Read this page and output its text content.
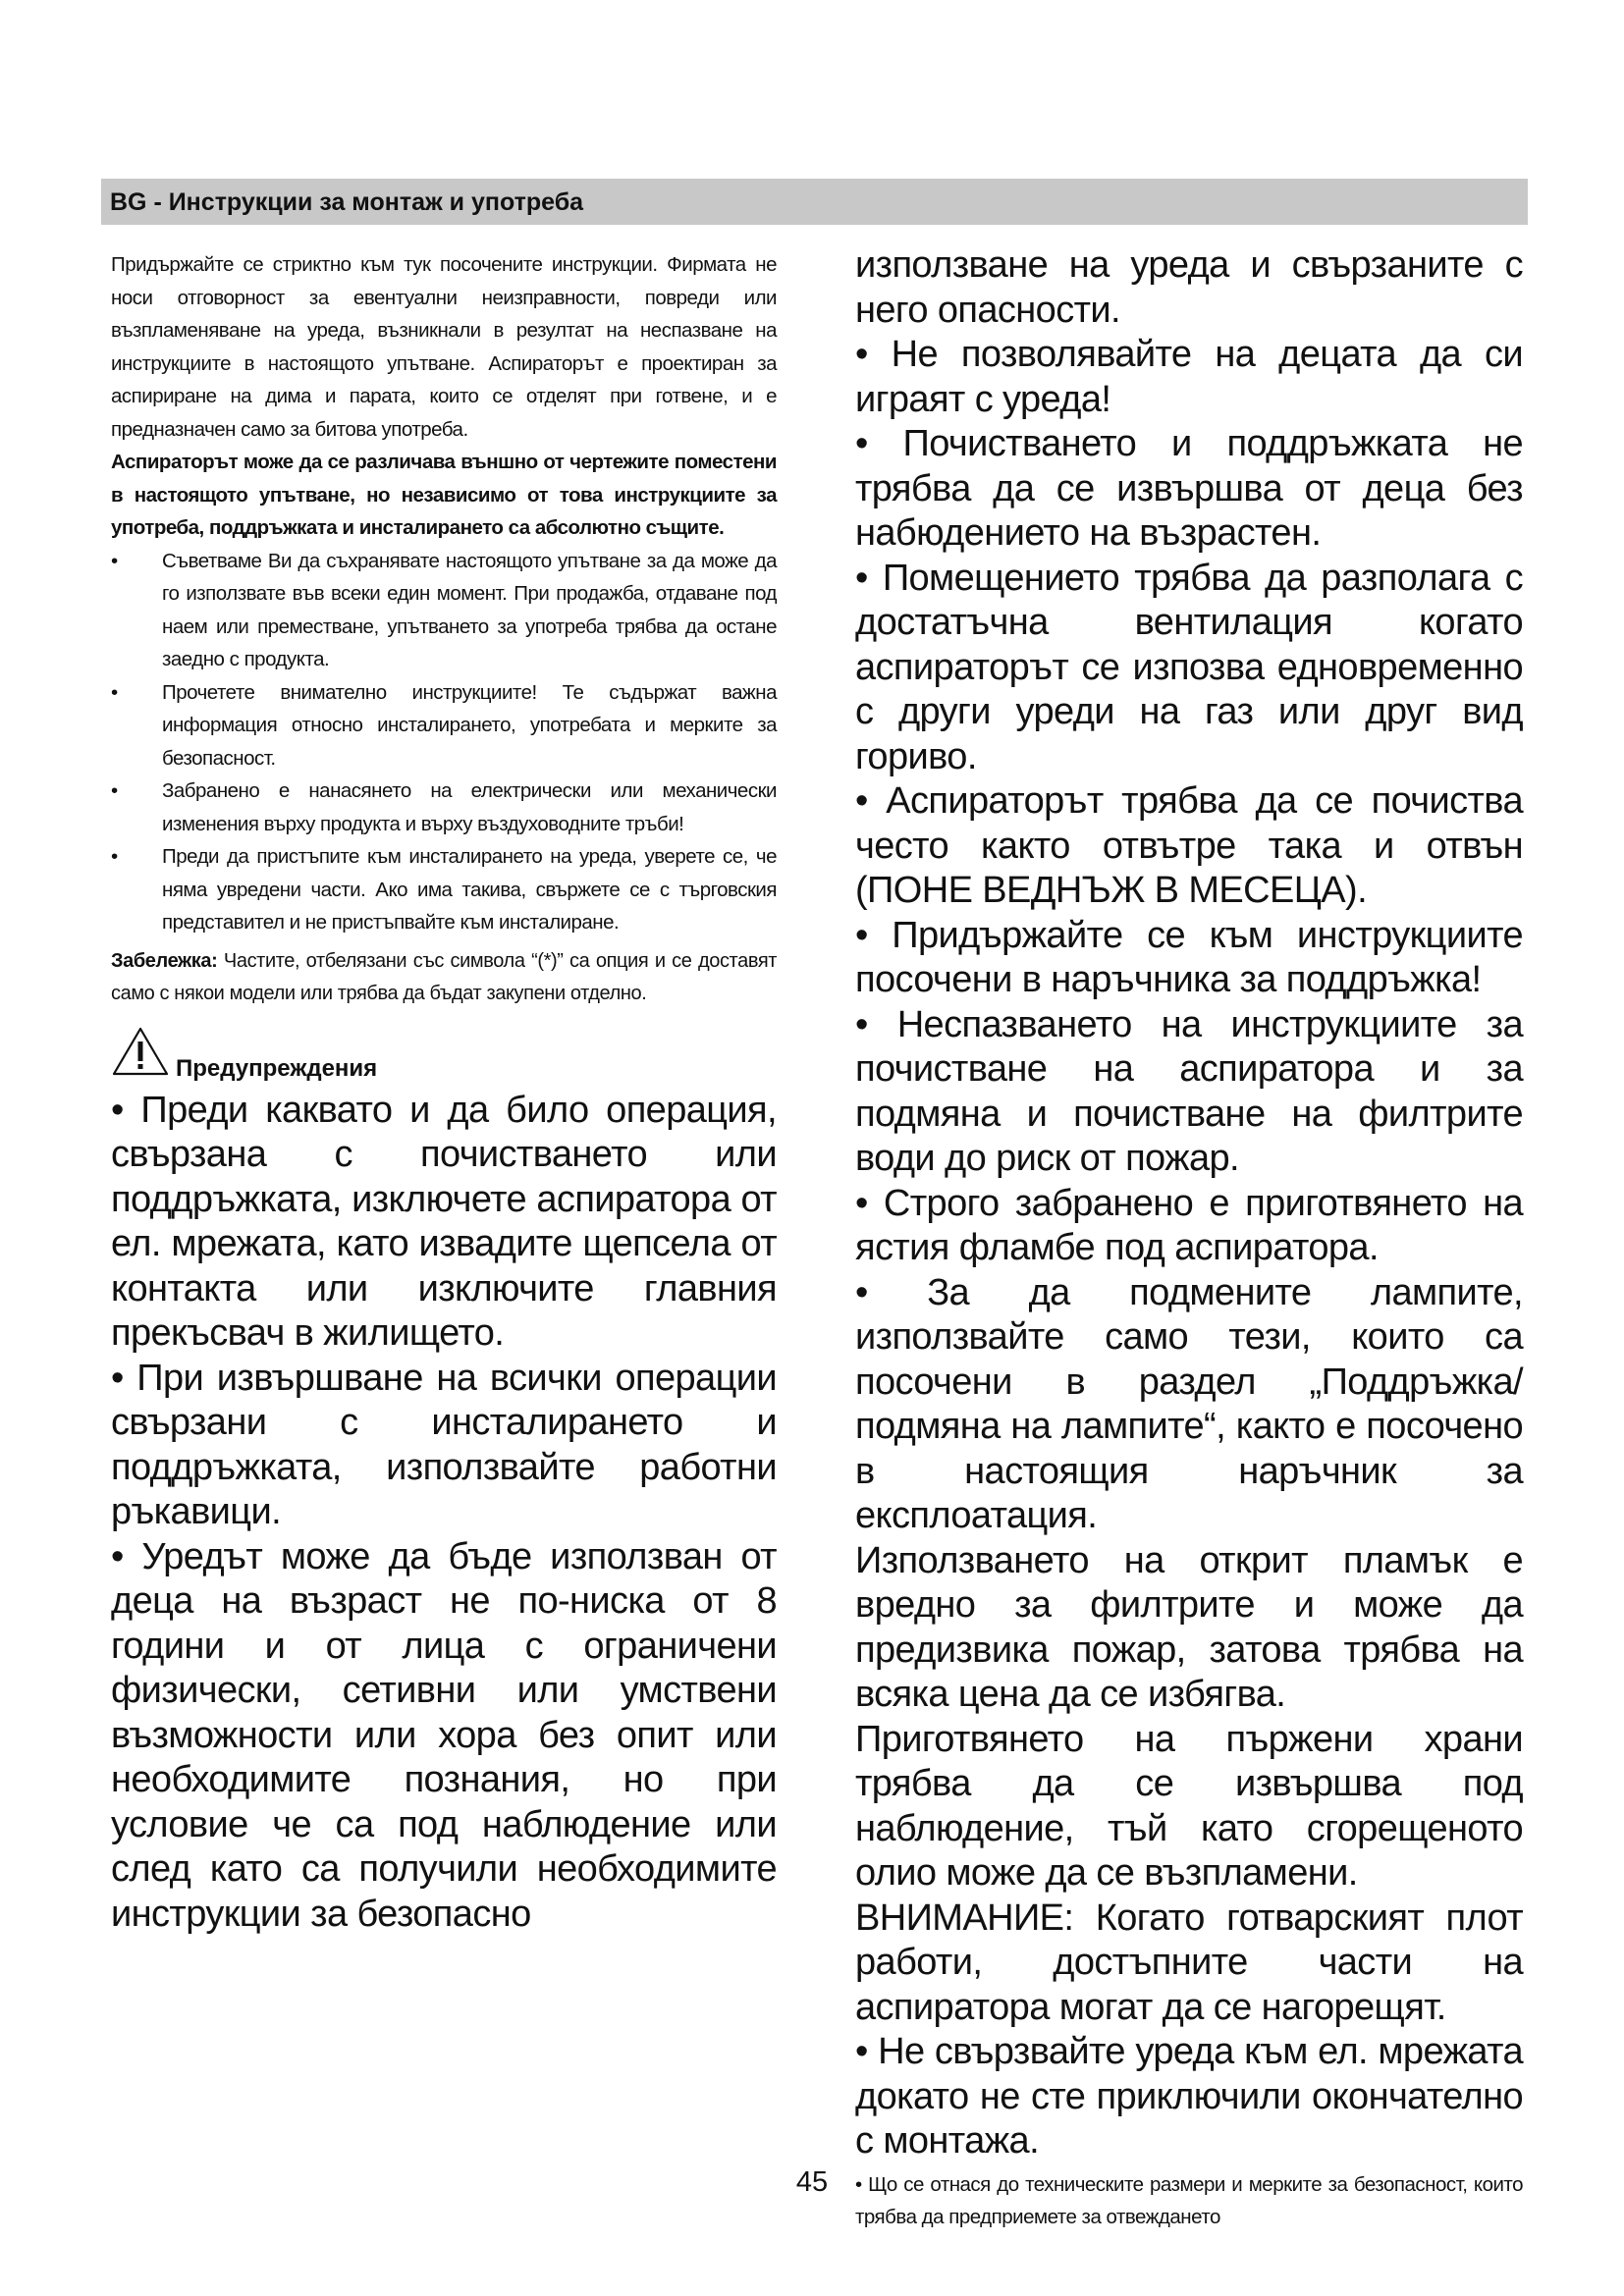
BG - Инструкции за монтаж и употреба

Придържайте се стриктно към тук посочените инструкции. Фирмата не носи отговорност за евентуални неизправности, повреди или възпламеняване на уреда, възникнали в резултат на неспазване на инструкциите в настоящото упътване. Аспираторът е проектиран за аспириране на дима и парата, които се отделят при готвене, и е предназначен само за битова употреба.

Аспираторът може да се различава външно от чертежите поместени в настоящото упътване, но независимо от това инструкциите за употреба, поддръжката и инсталирането са абсолютно същите.

• Съветваме Ви да съхранявате настоящото упътване за да може да го използвате във всеки един момент. При продажба, отдаване под наем или преместване, упътването за употреба трябва да остане заедно с продукта.

• Прочетете внимателно инструкциите! Те съдържат важна информация относно инсталирането, употребата и мерките за безопасност.

• Забранено е нанасянето на електрически или механически изменения върху продукта и върху въздуховодните тръби!

• Преди да пристъпите към инсталирането на уреда, уверете се, че няма увредени части. Ако има такива, свържете се с търговския представител и не пристъпвайте към инсталиране.

Забележка: Частите, отбелязани със символа “(*)” са опция и се доставят само с някои модели или трябва да бъдат закупени отделно.

Предупреждения

• Преди каквато и да било операция, свързана с почистването или поддръжката, изключете аспиратора от ел. мрежата, като извадите щепсела от контакта или изключите главния прекъсвач в жилището.

• При извършване на всички операции свързани с инсталирането и поддръжката, използвайте работни ръкавици.

• Уредът може да бъде използван от деца на възраст не по-ниска от 8 години и от лица с ограничени физически, сетивни или умствени възможности или хора без опит или необходимите познания, но при условие че са под наблюдение или след като са получили необходимите инструкции за безопасно

използване на уреда и свързаните с него опасности.

• Не позволявайте на децата да си играят с уреда!

• Почистването и поддръжката не трябва да се извършва от деца без набюдението на възрастен.

• Помещението трябва да разполага с достатъчна вентилация когато аспираторът се изпозва едновременно с други уреди на газ или друг вид гориво.

• Аспираторът трябва да се почиства често както отвътре така и отвън (ПОНЕ ВЕДНЪЖ В МЕСЕЦА).

• Придържайте се към инструкциите посочени в наръчника за поддръжка!

• Неспазването на инструкциите за почистване на аспиратора и за подмяна и почистване на филтрите води до риск от пожар.

• Строго забранено е приготвянето на ястия фламбе под аспиратора.

• За да подмените лампите, използвайте само тези, които са посочени в раздел „Поддръжка/подмяна на лампите“, както е посочено в настоящия наръчник за експлоатация.

Използването на открит пламък е вредно за филтрите и може да предизвика пожар, затова трябва на всяка цена да се избягва.

Приготвянето на пържени храни трябва да се извършва под наблюдение, тъй като сгорещеното олио може да се възпламени.

ВНИМАНИЕ: Когато готварският плот работи, достъпните части на аспиратора могат да се нагорещят.

• Не свързвайте уреда към ел. мрежата докато не сте приключили окончателно с монтажа.

• Що се отнася до техническите размери и мерките за безопасност, които трябва да предприемете за отвеждането

45
